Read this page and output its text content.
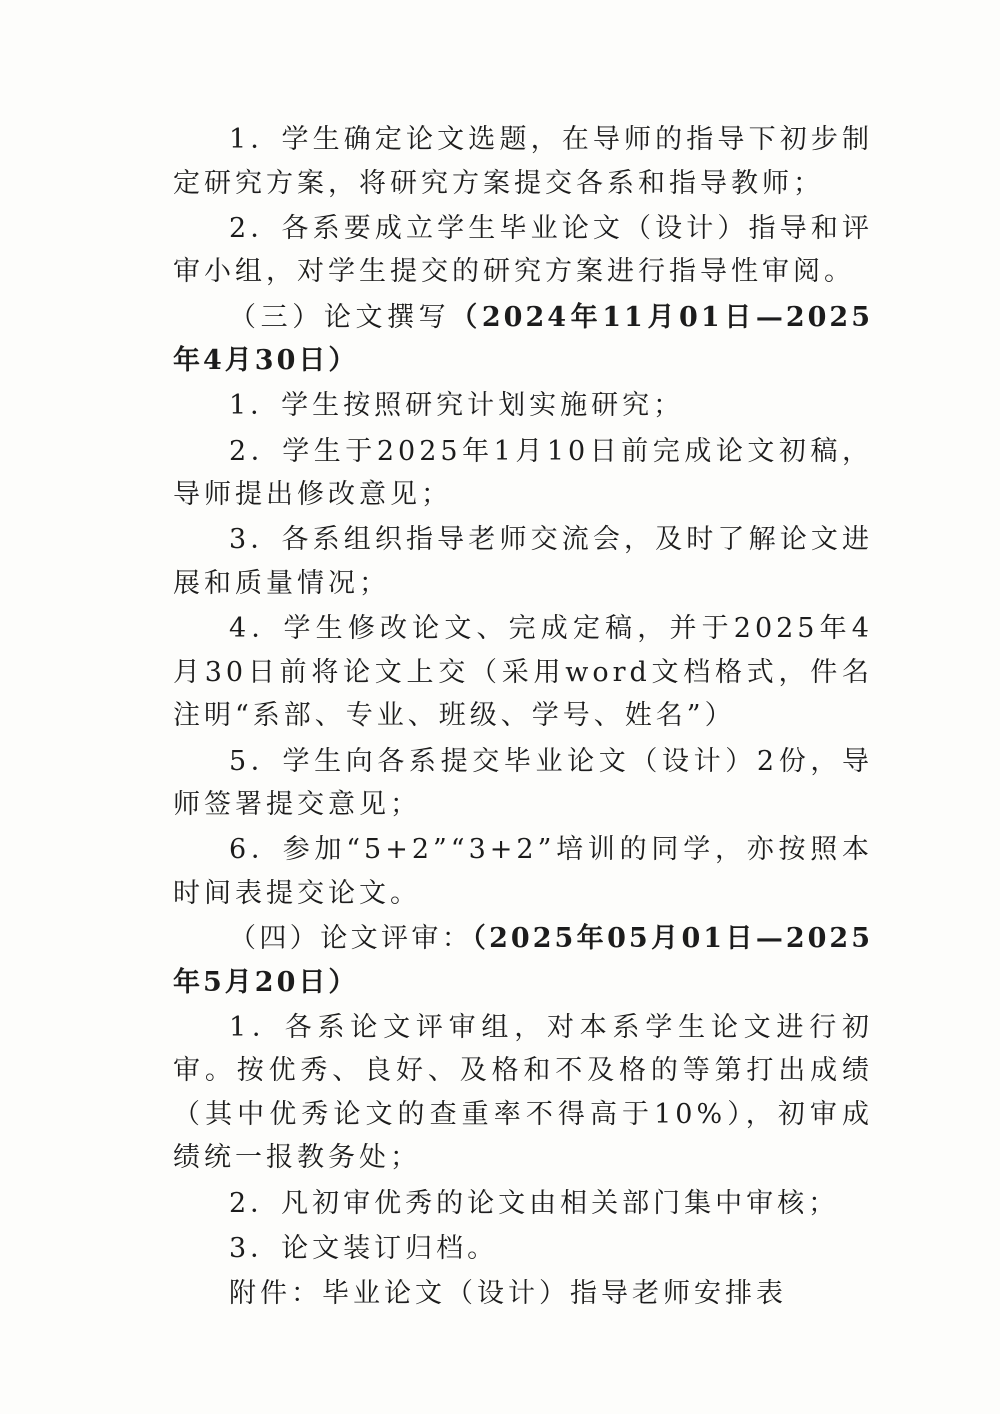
1．学生确定论文选题，在导师的指导下初步制定研究方案，将研究方案提交各系和指导教师；

2．各系要成立学生毕业论文（设计）指导和评审小组，对学生提交的研究方案进行指导性审阅。

（三）论文撰写（2024年11月01日—2025年4月30日）

1．学生按照研究计划实施研究；

2．学生于2025年1月10日前完成论文初稿，导师提出修改意见；

3．各系组织指导老师交流会，及时了解论文进展和质量情况；

4．学生修改论文、完成定稿，并于2025年4月30日前将论文上交（采用word文档格式，件名注明“系部、专业、班级、学号、姓名”）

5．学生向各系提交毕业论文（设计）2份，导师签署提交意见；

6．参加“5+2”“3+2”培训的同学，亦按照本时间表提交论文。

（四）论文评审：（2025年05月01日—2025年5月20日）

1．各系论文评审组，对本系学生论文进行初审。按优秀、良好、及格和不及格的等第打出成绩（其中优秀论文的查重率不得高于10%），初审成绩统一报教务处；

2．凡初审优秀的论文由相关部门集中审核；

3．论文装订归档。

附件：毕业论文（设计）指导老师安排表
